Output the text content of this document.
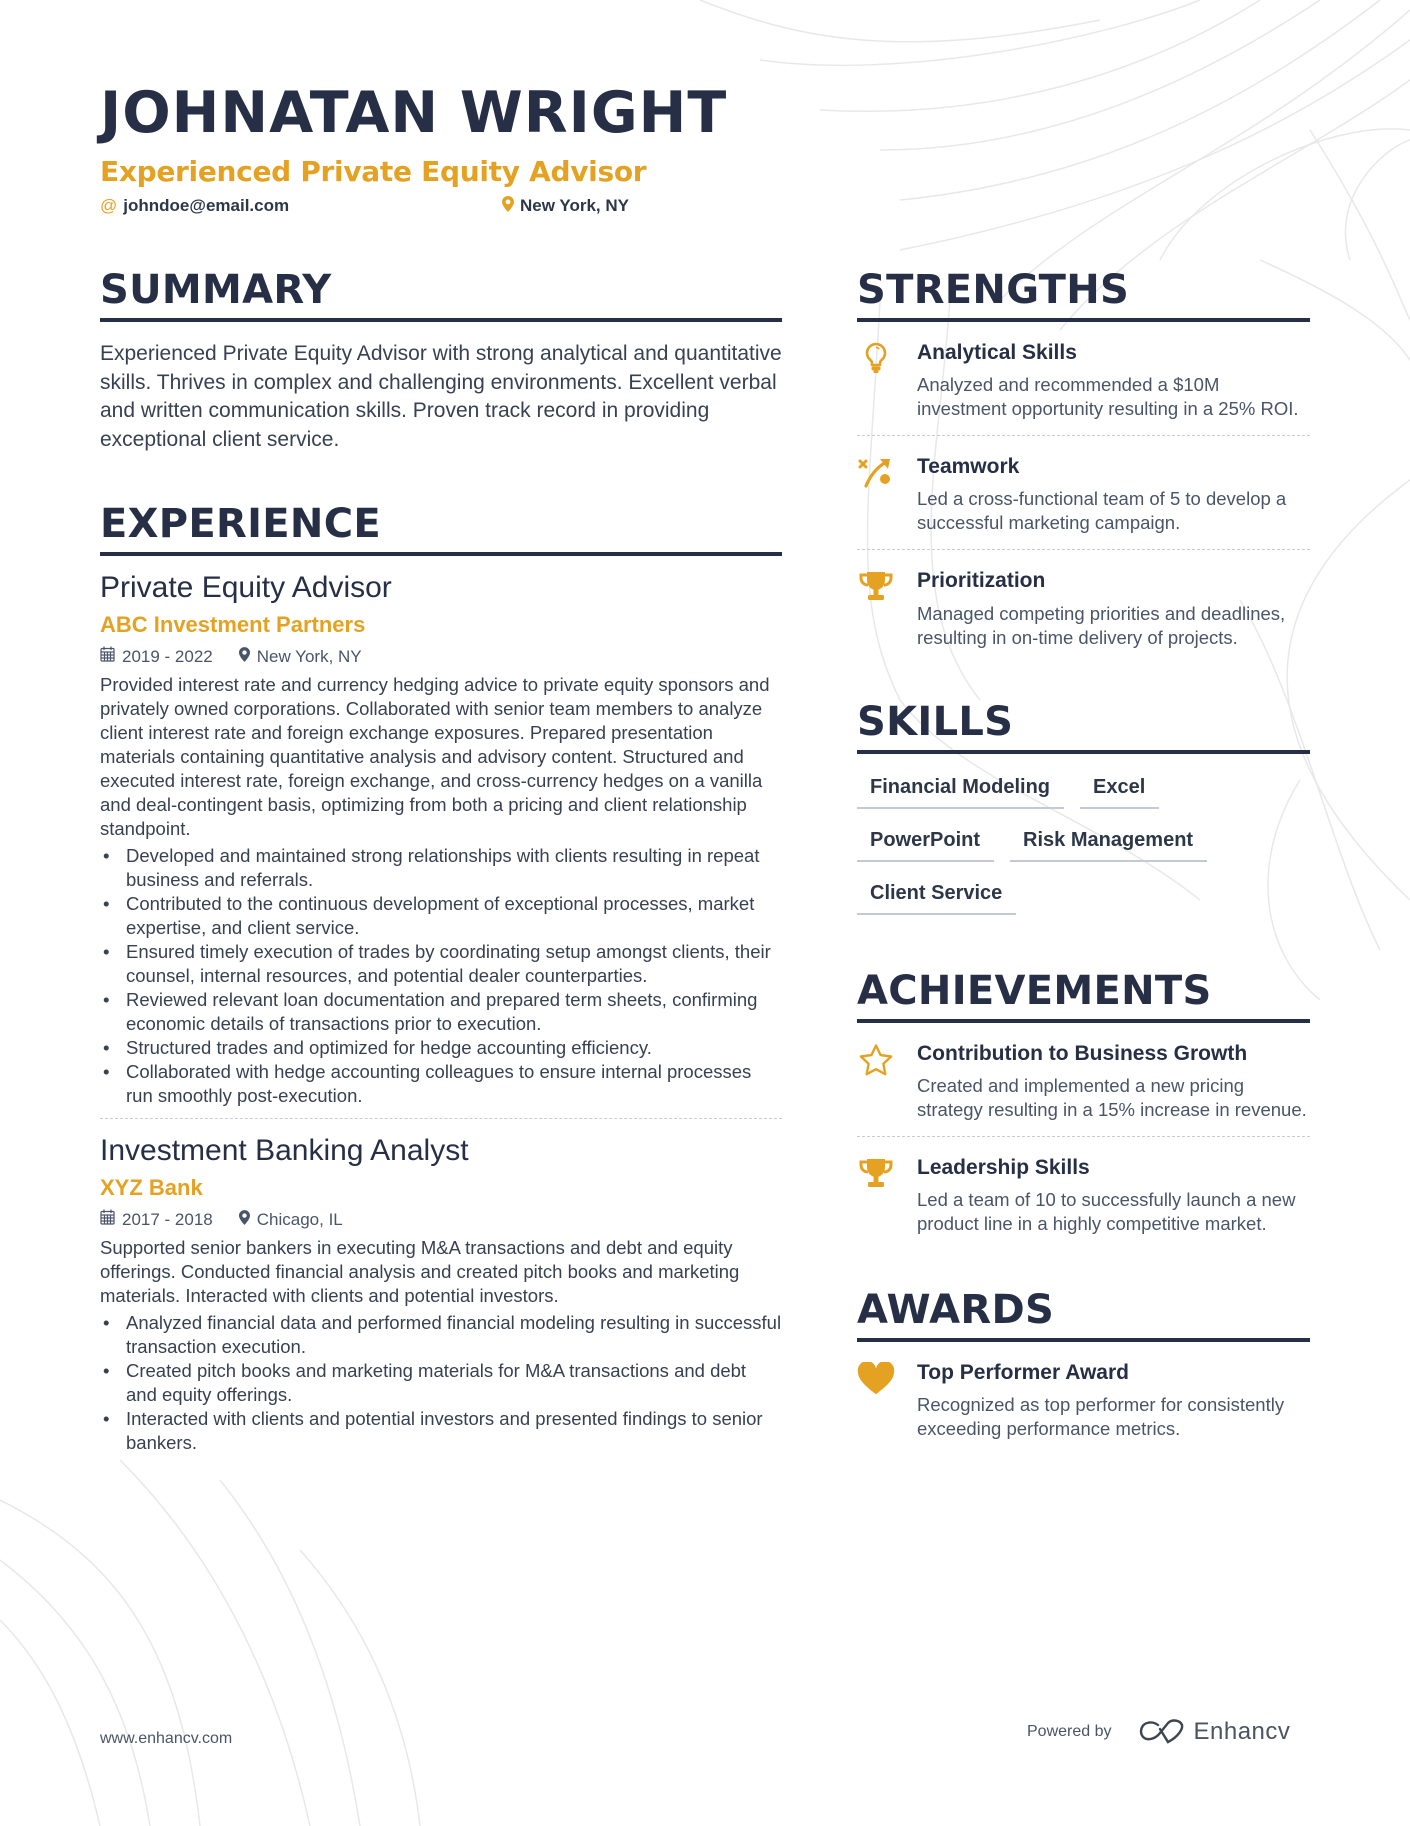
JOHNATAN WRIGHT
Experienced Private Equity Advisor
@ johndoe@email.com	New York, NY
SUMMARY

Experienced Private Equity Advisor with strong analytical and quantitative skills. Thrives in complex and challenging environments. Excellent verbal and written communication skills. Proven track record in providing exceptional client service.

EXPERIENCE
Private Equity Advisor
ABC Investment Partners
2019 - 2022	New York, NY

Provided interest rate and currency hedging advice to private equity sponsors and privately owned corporations. Collaborated with senior team members to analyze client interest rate and foreign exchange exposures. Prepared presentation materials containing quantitative analysis and advisory content. Structured and executed interest rate, foreign exchange, and cross-currency hedges on a vanilla and deal-contingent basis, optimizing from both a pricing and client relationship standpoint.

• Developed and maintained strong relationships with clients resulting in repeat business and referrals.
• Contributed to the continuous development of exceptional processes, market expertise, and client service.
• Ensured timely execution of trades by coordinating setup amongst clients, their counsel, internal resources, and potential dealer counterparties.
• Reviewed relevant loan documentation and prepared term sheets, confirming economic details of transactions prior to execution.
• Structured trades and optimized for hedge accounting efficiency.
• Collaborated with hedge accounting colleagues to ensure internal processes run smoothly post-execution.
Investment Banking Analyst
XYZ Bank
2017 - 2018	Chicago, IL

Supported senior bankers in executing M&A transactions and debt and equity offerings. Conducted financial analysis and created pitch books and marketing materials. Interacted with clients and potential investors.

• Analyzed financial data and performed financial modeling resulting in successful transaction execution.
• Created pitch books and marketing materials for M&A transactions and debt and equity offerings.
• Interacted with clients and potential investors and presented findings to senior bankers.
STRENGTHS
Analytical Skills
Analyzed and recommended a $10M investment opportunity resulting in a 25% ROI.
Teamwork
Led a cross-functional team of 5 to develop a successful marketing campaign.
Prioritization
Managed competing priorities and deadlines, resulting in on-time delivery of projects.
SKILLS
Financial Modeling	Excel
PowerPoint	Risk Management
Client Service
ACHIEVEMENTS
Contribution to Business Growth
Created and implemented a new pricing strategy resulting in a 15% increase in revenue.
Leadership Skills
Led a team of 10 to successfully launch a new product line in a highly competitive market.
AWARDS
Top Performer Award
Recognized as top performer for consistently exceeding performance metrics.
www.enhancv.com	Powered by	Enhancv
